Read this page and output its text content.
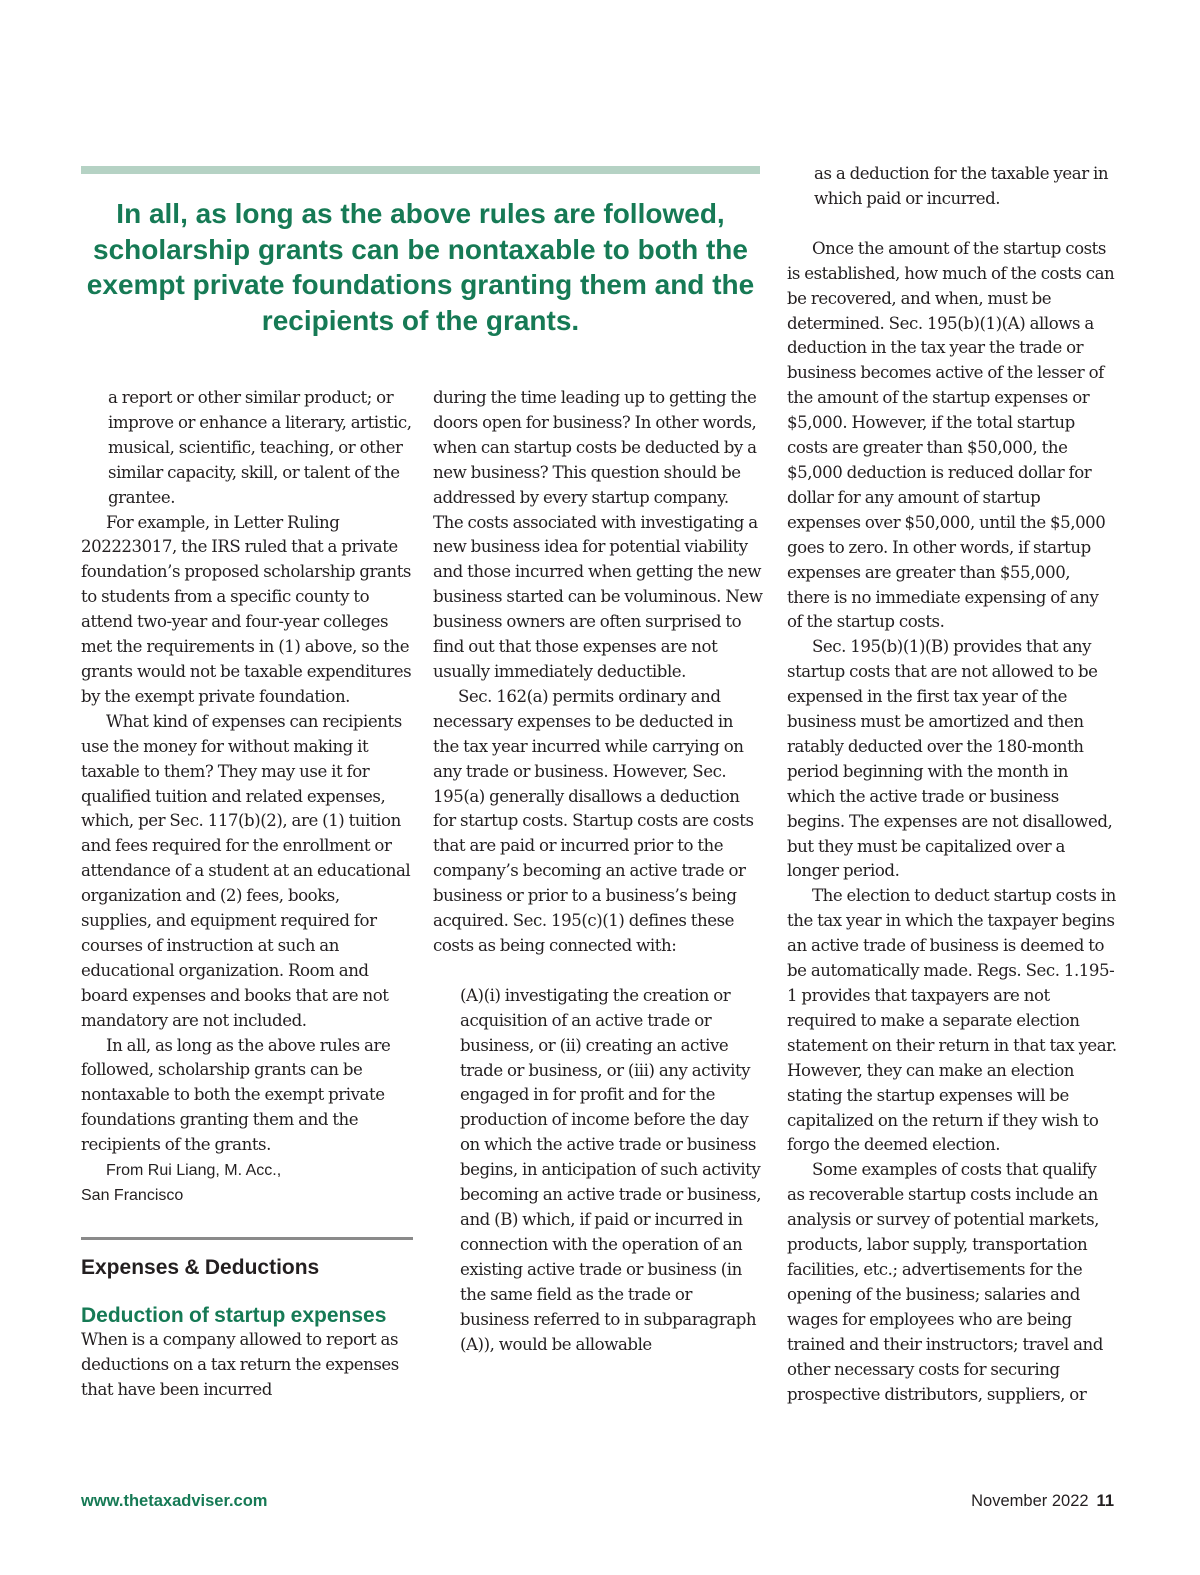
In all, as long as the above rules are followed, scholarship grants can be nontaxable to both the exempt private foundations granting them and the recipients of the grants.

a report or other similar product; or improve or enhance a literary, artistic, musical, scientific, teaching, or other similar capacity, skill, or talent of the grantee.

For example, in Letter Ruling 202223017, the IRS ruled that a private foundation’s proposed scholarship grants to students from a specific county to attend two-year and four-year colleges met the requirements in (1) above, so the grants would not be taxable expenditures by the exempt private foundation.

What kind of expenses can recipients use the money for without making it taxable to them? They may use it for qualified tuition and related expenses, which, per Sec. 117(b)(2), are (1) tuition and fees required for the enrollment or attendance of a student at an educational organization and (2) fees, books, supplies, and equipment required for courses of instruction at such an educational organization. Room and board expenses and books that are not mandatory are not included.

In all, as long as the above rules are followed, scholarship grants can be nontaxable to both the exempt private foundations granting them and the recipients of the grants.

From Rui Liang, M. Acc.,
San Francisco
Expenses & Deductions
Deduction of startup expenses

When is a company allowed to report as deductions on a tax return the expenses that have been incurred

during the time leading up to getting the doors open for business? In other words, when can startup costs be deducted by a new business? This question should be addressed by every startup company. The costs associated with investigating a new business idea for potential viability and those incurred when getting the new business started can be voluminous. New business owners are often surprised to find out that those expenses are not usually immediately deductible.

Sec. 162(a) permits ordinary and necessary expenses to be deducted in the tax year incurred while carrying on any trade or business. However, Sec. 195(a) generally disallows a deduction for startup costs. Startup costs are costs that are paid or incurred prior to the company’s becoming an active trade or business or prior to a business’s being acquired. Sec. 195(c)(1) defines these costs as being connected with:

(A)(i) investigating the creation or acquisition of an active trade or business, or (ii) creating an active trade or business, or (iii) any activity engaged in for profit and for the production of income before the day on which the active trade or business begins, in anticipation of such activity becoming an active trade or business, and (B) which, if paid or incurred in connection with the operation of an existing active trade or business (in the same field as the trade or business referred to in subparagraph (A)), would be allowable

as a deduction for the taxable year in which paid or incurred.

Once the amount of the startup costs is established, how much of the costs can be recovered, and when, must be determined. Sec. 195(b)(1)(A) allows a deduction in the tax year the trade or business becomes active of the lesser of the amount of the startup expenses or $5,000. However, if the total startup costs are greater than $50,000, the $5,000 deduction is reduced dollar for dollar for any amount of startup expenses over $50,000, until the $5,000 goes to zero. In other words, if startup expenses are greater than $55,000, there is no immediate expensing of any of the startup costs.

Sec. 195(b)(1)(B) provides that any startup costs that are not allowed to be expensed in the first tax year of the business must be amortized and then ratably deducted over the 180-month period beginning with the month in which the active trade or business begins. The expenses are not disallowed, but they must be capitalized over a longer period.

The election to deduct startup costs in the tax year in which the taxpayer begins an active trade of business is deemed to be automatically made. Regs. Sec. 1.195-1 provides that taxpayers are not required to make a separate election statement on their return in that tax year. However, they can make an election stating the startup expenses will be capitalized on the return if they wish to forgo the deemed election.

Some examples of costs that qualify as recoverable startup costs include an analysis or survey of potential markets, products, labor supply, transportation facilities, etc.; advertisements for the opening of the business; salaries and wages for employees who are being trained and their instructors; travel and other necessary costs for securing prospective distributors, suppliers, or

www.thetaxadviser.com	November 2022 11
